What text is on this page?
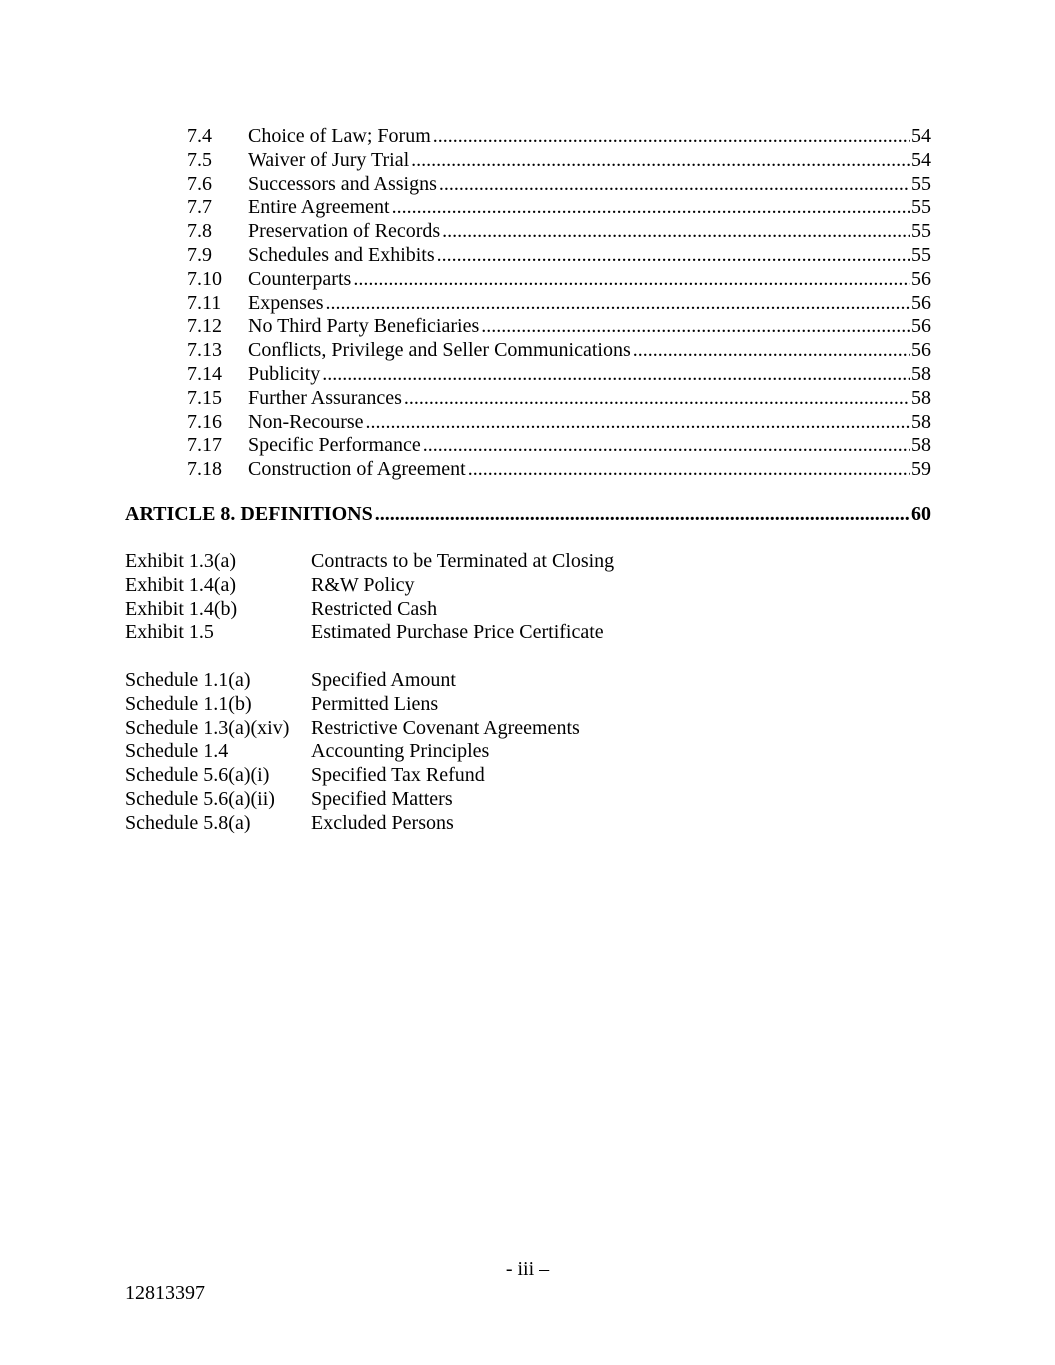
7.4	Choice of Law; Forum .....	54
7.5	Waiver of Jury Trial .....	54
7.6	Successors and Assigns .....	55
7.7	Entire Agreement .....	55
7.8	Preservation of Records .....	55
7.9	Schedules and Exhibits .....	55
7.10	Counterparts .....	56
7.11	Expenses .....	56
7.12	No Third Party Beneficiaries .....	56
7.13	Conflicts, Privilege and Seller Communications .....	56
7.14	Publicity .....	58
7.15	Further Assurances .....	58
7.16	Non-Recourse .....	58
7.17	Specific Performance .....	58
7.18	Construction of Agreement .....	59
ARTICLE 8. DEFINITIONS .....	60
Exhibit 1.3(a)	Contracts to be Terminated at Closing
Exhibit 1.4(a)	R&W Policy
Exhibit 1.4(b)	Restricted Cash
Exhibit 1.5	Estimated Purchase Price Certificate
Schedule 1.1(a)	Specified Amount
Schedule 1.1(b)	Permitted Liens
Schedule 1.3(a)(xiv)	Restrictive Covenant Agreements
Schedule 1.4	Accounting Principles
Schedule 5.6(a)(i)	Specified Tax Refund
Schedule 5.6(a)(ii)	Specified Matters
Schedule 5.8(a)	Excluded Persons
- iii –
12813397
